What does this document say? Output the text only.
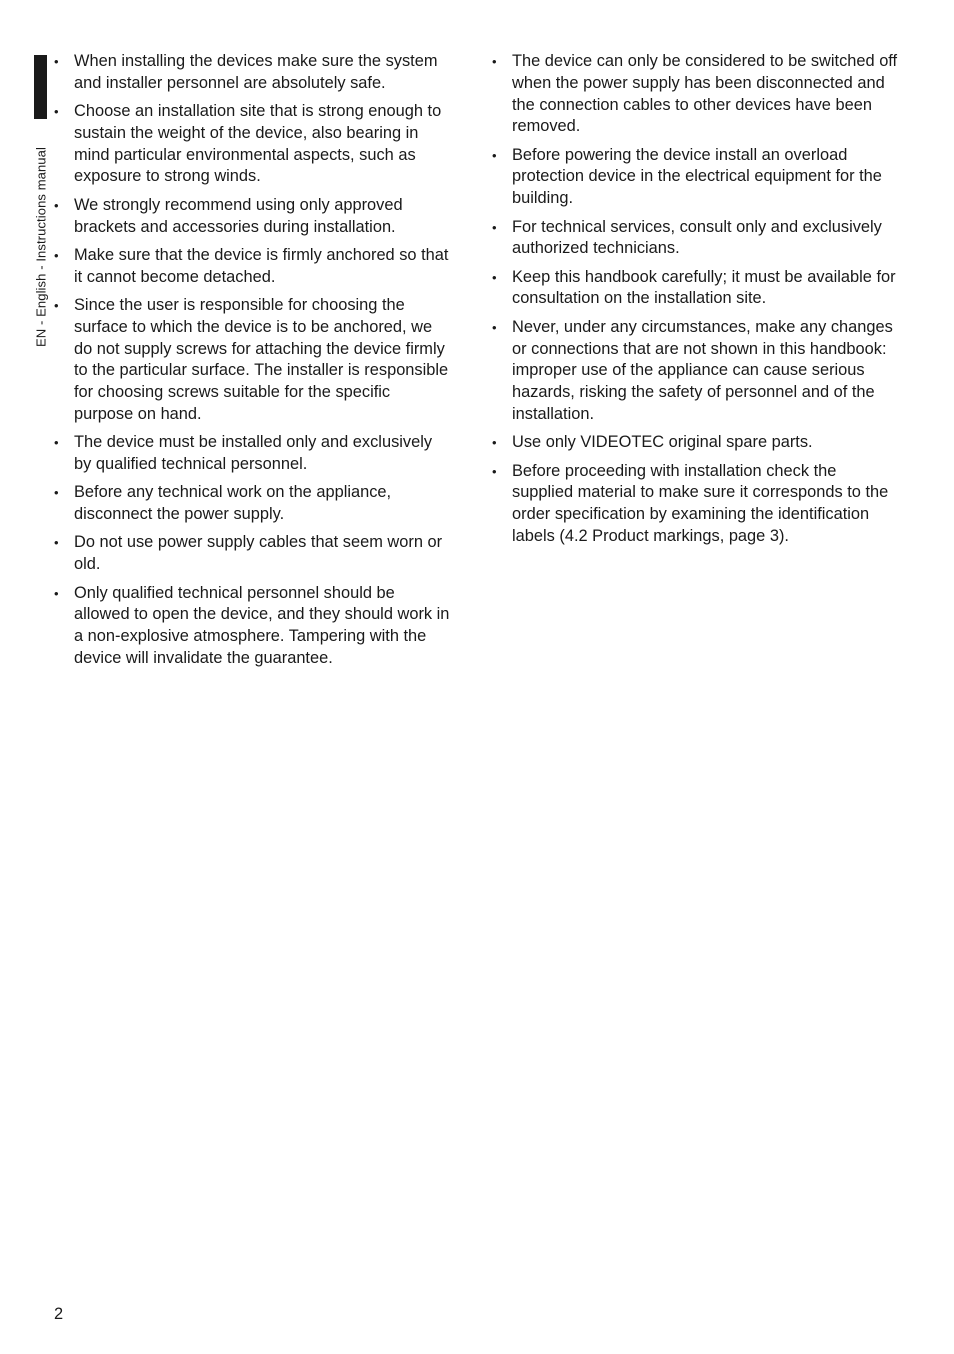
EN - English - Instructions manual
• When installing the devices make sure the system and installer personnel are absolutely safe.
• Choose an installation site that is strong enough to sustain the weight of the device, also bearing in mind particular environmental aspects, such as exposure to strong winds.
• We strongly recommend using only approved brackets and accessories during installation.
• Make sure that the device is firmly anchored so that it cannot become detached.
• Since the user is responsible for choosing the surface to which the device is to be anchored, we do not supply screws for attaching the device firmly to the particular surface. The installer is responsible for choosing screws suitable for the specific purpose on hand.
• The device must be installed only and exclusively by qualified technical personnel.
• Before any technical work on the appliance, disconnect the power supply.
• Do not use power supply cables that seem worn or old.
• Only qualified technical personnel should be allowed to open the device, and they should work in a non-explosive atmosphere. Tampering with the device will invalidate the guarantee.
• The device can only be considered to be switched off when the power supply has been disconnected and the connection cables to other devices have been removed.
• Before powering the device install an overload protection device in the electrical equipment for the building.
• For technical services, consult only and exclusively authorized technicians.
• Keep this handbook carefully; it must be available for consultation on the installation site.
• Never, under any circumstances, make any changes or connections that are not shown in this handbook: improper use of the appliance can cause serious hazards, risking the safety of personnel and of the installation.
• Use only VIDEOTEC original spare parts.
• Before proceeding with installation check the supplied material to make sure it corresponds to the order specification by examining the identification labels (4.2 Product markings, page 3).
2
